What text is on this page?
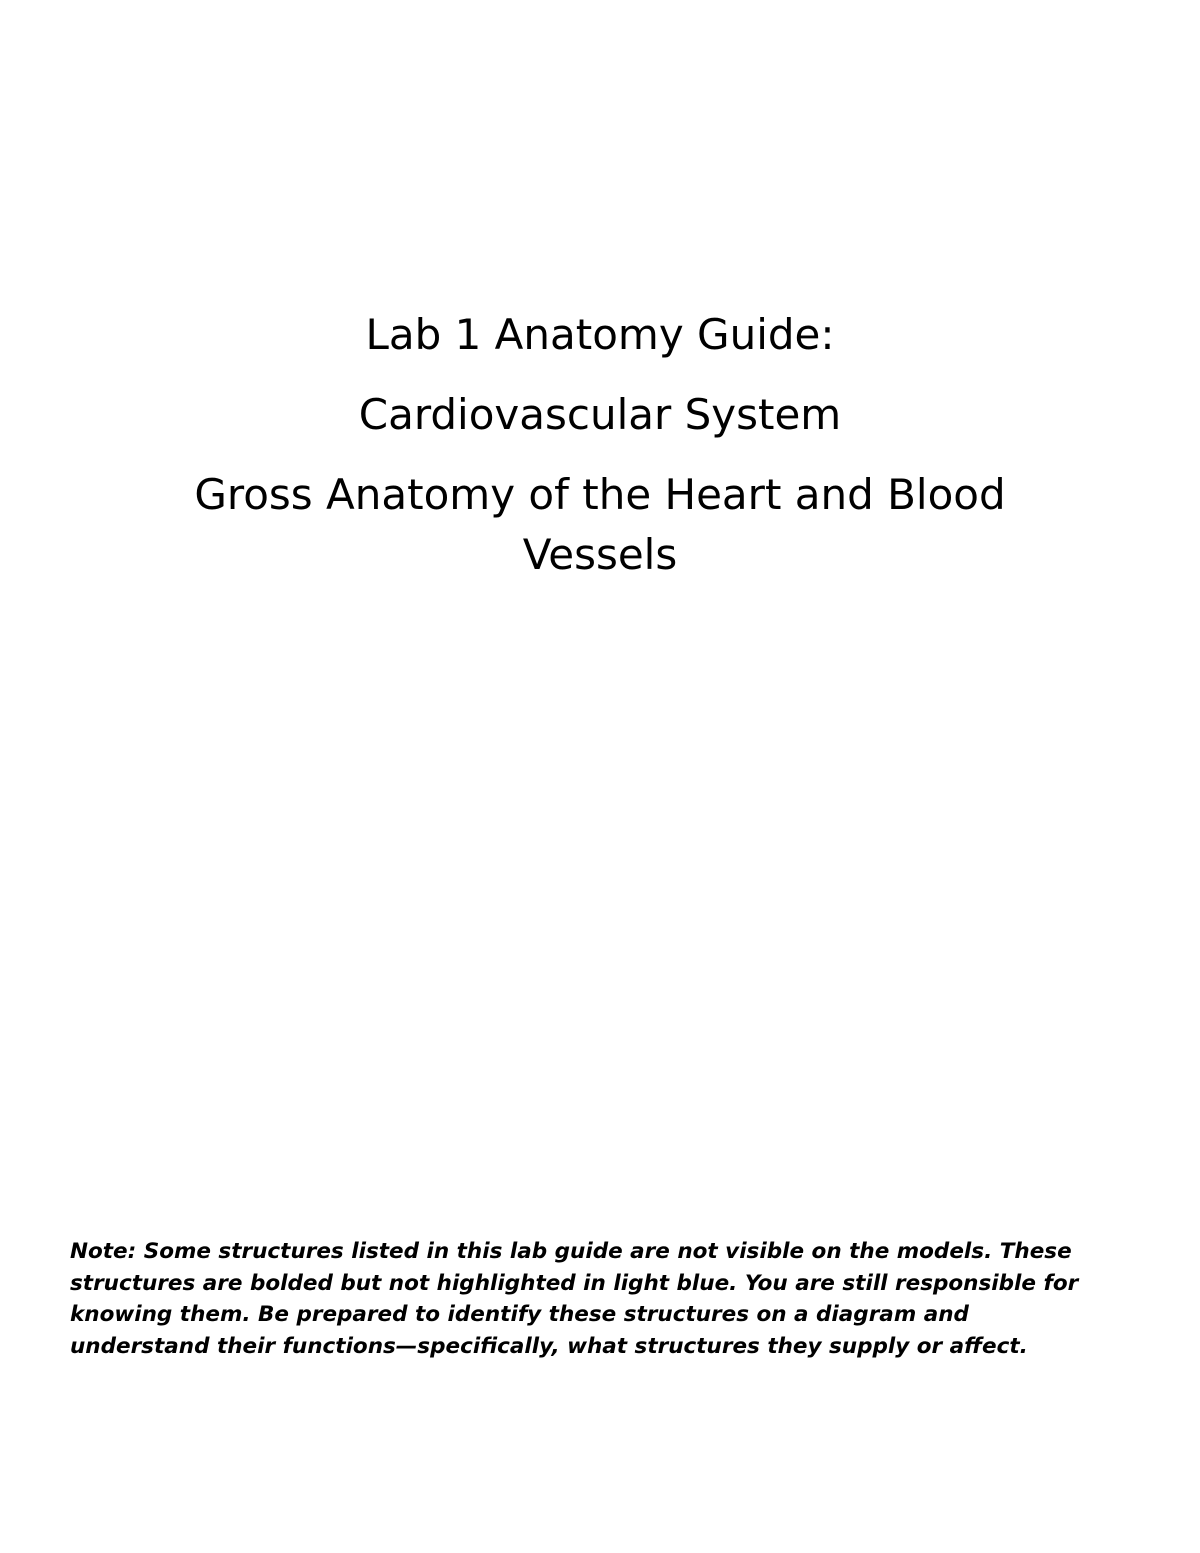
Lab 1 Anatomy Guide:
Cardiovascular System
Gross Anatomy of the Heart and Blood Vessels

Note: Some structures listed in this lab guide are not visible on the models. These structures are bolded but not highlighted in light blue. You are still responsible for knowing them. Be prepared to identify these structures on a diagram and understand their functions—specifically, what structures they supply or affect.
